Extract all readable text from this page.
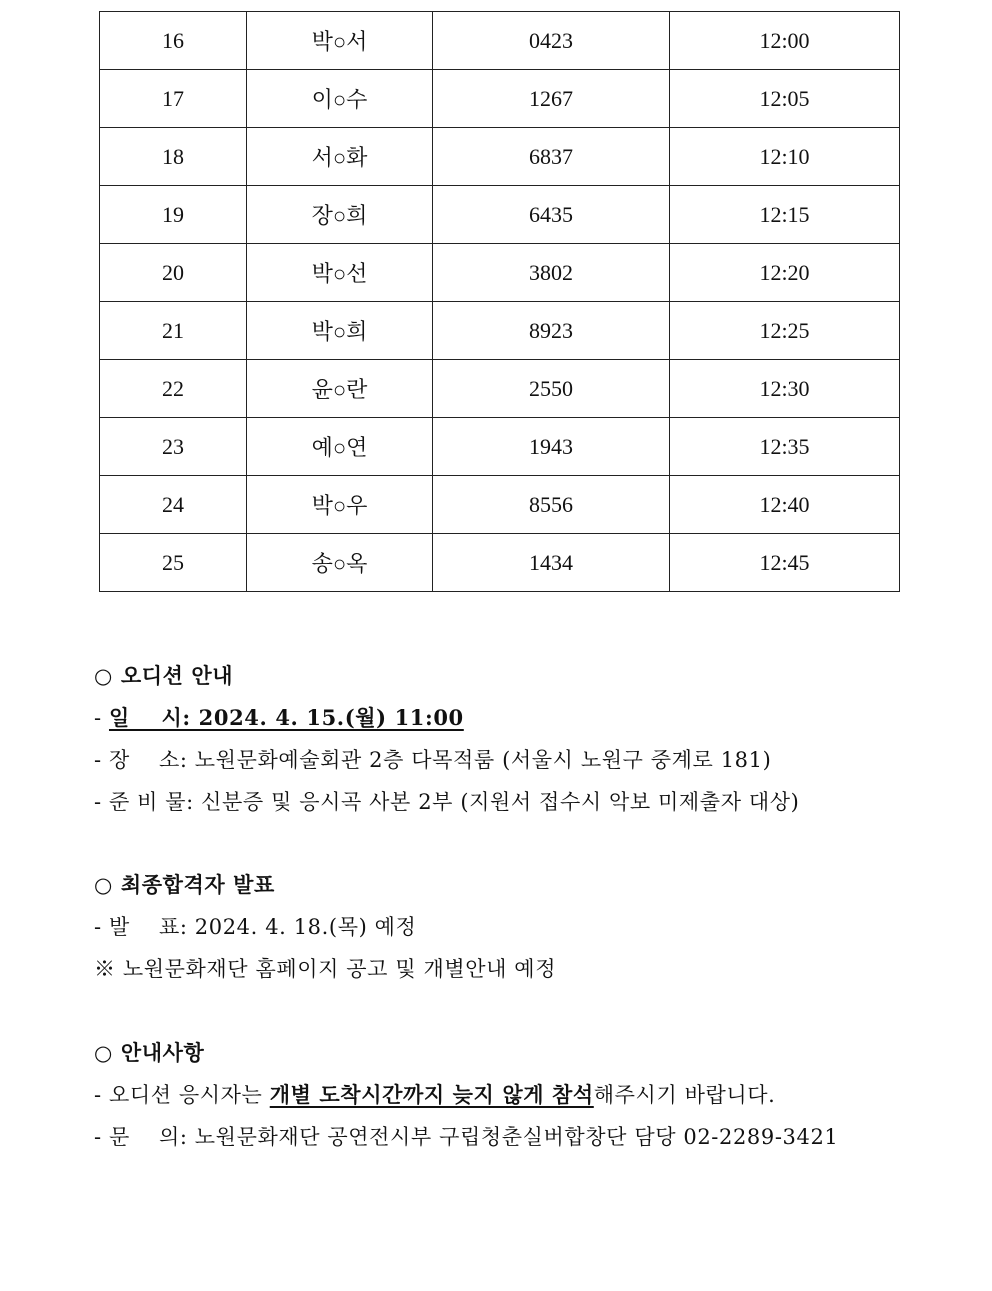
16	박○서	0423	12:00
17	이○수	1267	12:05
18	서○화	6837	12:10
19	장○희	6435	12:15
20	박○선	3802	12:20
21	박○희	8923	12:25
22	윤○란	2550	12:30
23	예○연	1943	12:35
24	박○우	8556	12:40
25	송○옥	1434	12:45
○ 오디션 안내
- 일    시: 2024. 4. 15.(월) 11:00
- 장    소: 노원문화예술회관 2층 다목적룸 (서울시 노원구 중계로 181)
- 준 비 물: 신분증 및 응시곡 사본 2부 (지원서 접수시 악보 미제출자 대상)
○ 최종합격자 발표
- 발    표: 2024. 4. 18.(목) 예정
※ 노원문화재단 홈페이지 공고 및 개별안내 예정
○ 안내사항
- 오디션 응시자는 개별 도착시간까지 늦지 않게 참석해주시기 바랍니다.
- 문    의: 노원문화재단 공연전시부 구립청춘실버합창단 담당 02-2289-3421
